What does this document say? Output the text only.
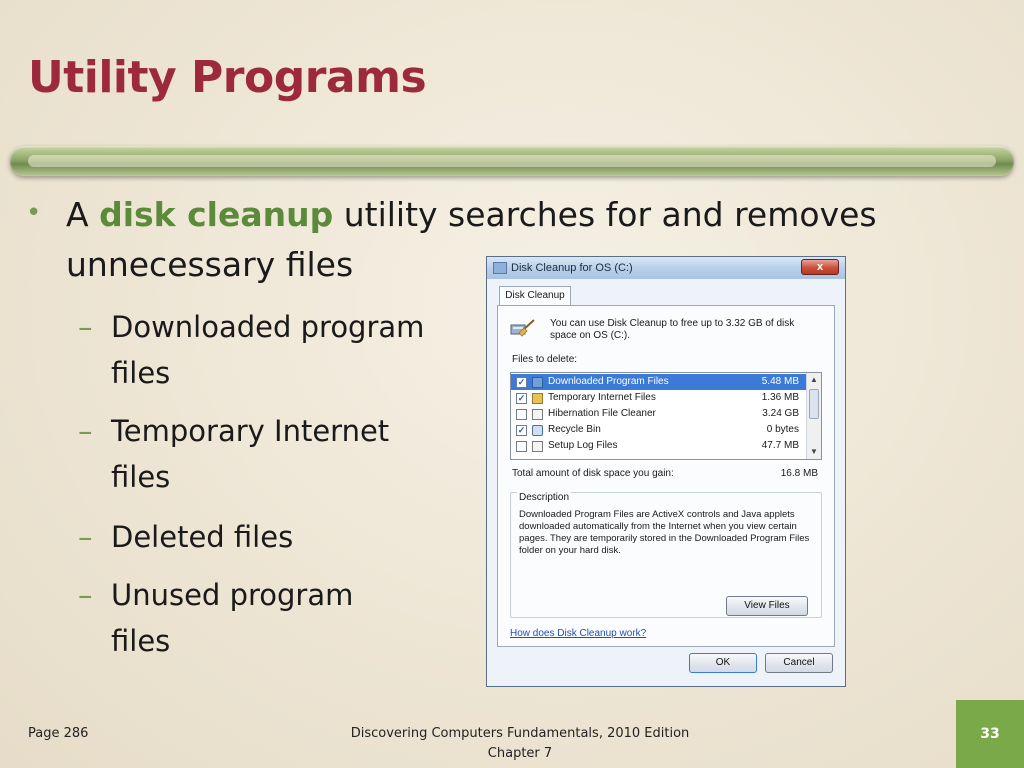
Utility Programs
• A disk cleanup utility searches for and removes unnecessary files
– Downloaded program
files
– Temporary Internet
files
– Deleted files
– Unused program
files
Disk Cleanup for OS (C:)	x
Disk Cleanup
You can use Disk Cleanup to free up to 3.32 GB of disk space on OS (C:).
Files to delete:
✓ Downloaded Program Files	5.48 MB
✓ Temporary Internet Files	1.36 MB
Hibernation File Cleaner	3.24 GB
✓ Recycle Bin	0 bytes
Setup Log Files	47.7 MB
▲
▼
Total amount of disk space you gain:	16.8 MB
Description
Downloaded Program Files are ActiveX controls and Java applets downloaded automatically from the Internet when you view certain pages. They are temporarily stored in the Downloaded Program Files folder on your hard disk.
View Files
How does Disk Cleanup work?
OK	Cancel
Page 286	Discovering Computers Fundamentals, 2010 Edition
Chapter 7
33
